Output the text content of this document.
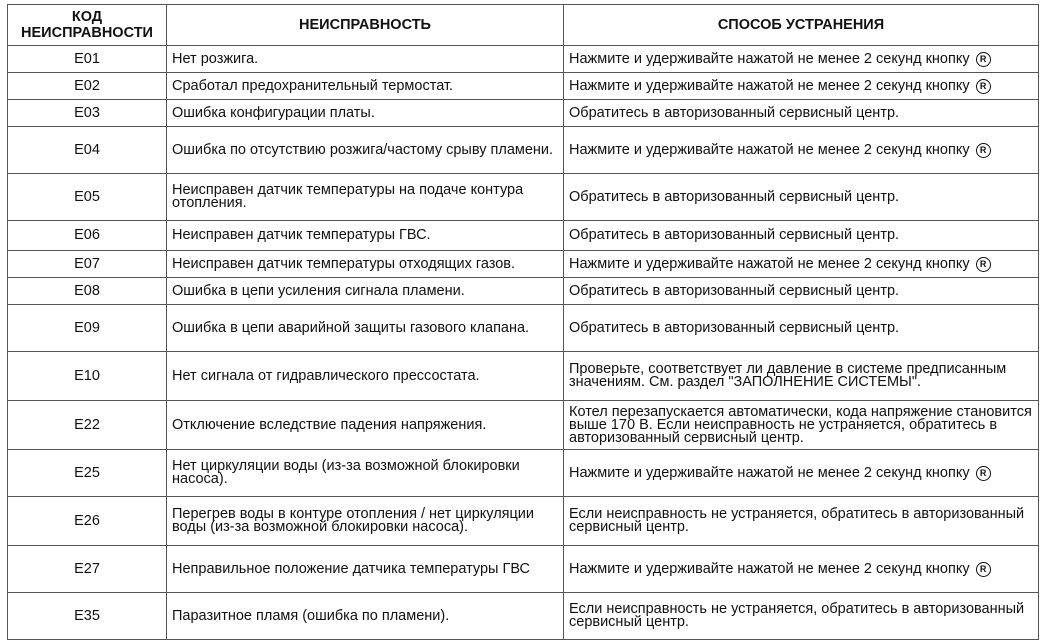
КОД
НЕИСПРАВНОСТИ	НЕИСПРАВНОСТЬ	СПОСОБ УСТРАНЕНИЯ
E01	Нет розжига.	Нажмите и удерживайте нажатой не менее 2 секунд кнопку R
E02	Сработал предохранительный термостат.	Нажмите и удерживайте нажатой не менее 2 секунд кнопку R
E03	Ошибка конфигурации платы.	Обратитесь в авторизованный сервисный центр.
E04	Ошибка по отсутствию розжига/частому срыву пламени.	Нажмите и удерживайте нажатой не менее 2 секунд кнопку R
E05	Неисправен датчик температуры на подаче контура отопления.	Обратитесь в авторизованный сервисный центр.
E06	Неисправен датчик температуры ГВС.	Обратитесь в авторизованный сервисный центр.
E07	Неисправен датчик температуры отходящих газов.	Нажмите и удерживайте нажатой не менее 2 секунд кнопку R
E08	Ошибка в цепи усиления сигнала пламени.	Обратитесь в авторизованный сервисный центр.
E09	Ошибка в цепи аварийной защиты газового клапана.	Обратитесь в авторизованный сервисный центр.
E10	Нет сигнала от гидравлического прессостата.	Проверьте, соответствует ли давление в системе предписанным значениям. См. раздел "ЗАПОЛНЕНИЕ СИСТЕМЫ".
E22	Отключение вследствие падения напряжения.	Котел перезапускается автоматически, кода напряжение становится выше 170 В. Если неисправность не устраняется, обратитесь в авторизованный сервисный центр.
E25	Нет циркуляции воды (из-за возможной блокировки насоса).	Нажмите и удерживайте нажатой не менее 2 секунд кнопку R
E26	Перегрев воды в контуре отопления / нет циркуляции воды (из-за возможной блокировки насоса).	Если неисправность не устраняется, обратитесь в авторизованный сервисный центр.
E27	Неправильное положение датчика температуры ГВС	Нажмите и удерживайте нажатой не менее 2 секунд кнопку R
E35	Паразитное пламя (ошибка по пламени).	Если неисправность не устраняется, обратитесь в авторизованный сервисный центр.
